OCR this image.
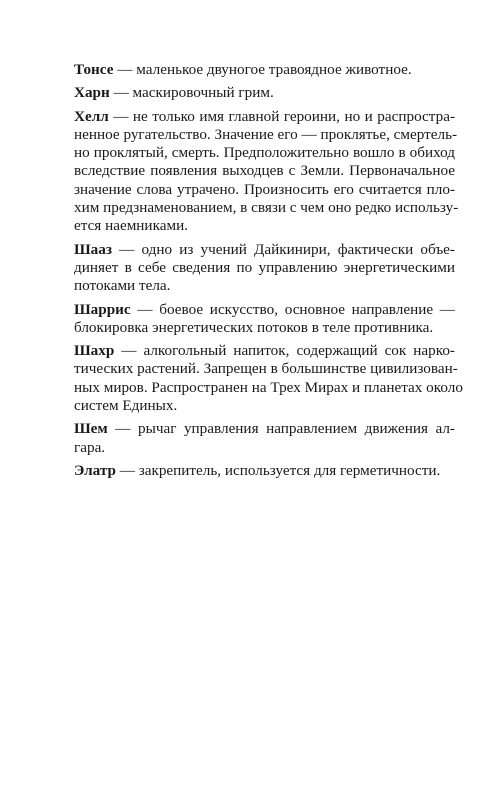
Тонсе — маленькое двуногое травоядное животное.
Харн — маскировочный грим.
Хелл — не только имя главной героини, но и распростра-
ненное ругательство. Значение его — проклятье, смертель-
но проклятый, смерть. Предположительно вошло в обиход
вследствие появления выходцев с Земли. Первоначальное
значение слова утрачено. Произносить его считается пло-
хим предзнаменованием, в связи с чем оно редко использу-
ется наемниками.
Шааз — одно из учений Дайкинири, фактически объе-
диняет в себе сведения по управлению энергетическими
потоками тела.
Шаррис — боевое искусство, основное направление —
блокировка энергетических потоков в теле противника.
Шахр — алкогольный напиток, содержащий сок нарко-
тических растений. Запрещен в большинстве цивилизован-
ных миров. Распространен на Трех Мирах и планетах около
систем Единых.
Шем — рычаг управления направлением движения ал-
гара.
Элатр — закрепитель, используется для герметичности.
